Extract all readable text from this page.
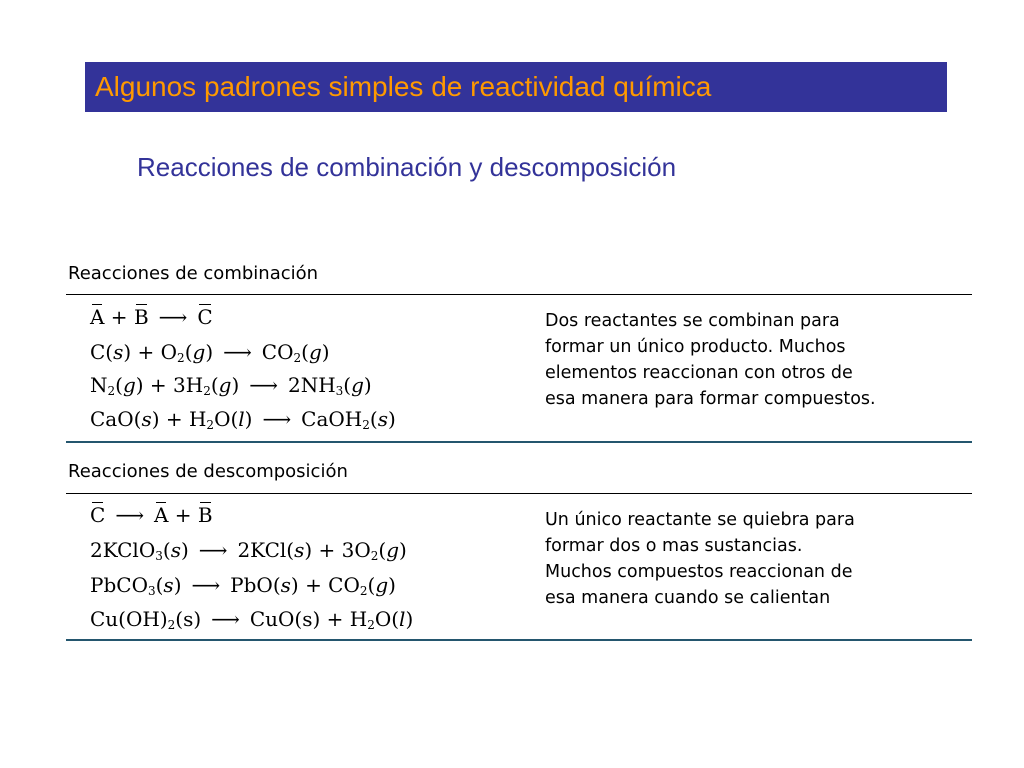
Algunos padrones simples de reactividad química
Reacciones de combinación y descomposición
Reacciones de combinación
A + B ⟶ C
$C(s) + O_2(g)$ ⟶ $CO_2(g)$
$N_2(g) + 3H_2(g)$ ⟶ $2NH_3(g)$
$CaO(s) + H_2O(l)$ ⟶ CaOH$_2$(s)
Dos reactantes se combinan para
formar un único producto. Muchos
elementos reaccionan con otros de
esa manera para formar compuestos.
Reacciones de descomposición
C ⟶ A + B
2KClO$_3$(s) ⟶ $2KCl(s) + 3O_2(g)$
PbCO$_3$(s) ⟶ $PbO(s) + CO_2(g)$
$Cu(OH)_2(s)$ ⟶ $CuO(s) + H_2O(l)$
Un único reactante se quiebra para
formar dos o mas sustancias.
Muchos compuestos reaccionan de
esa manera cuando se calientan
